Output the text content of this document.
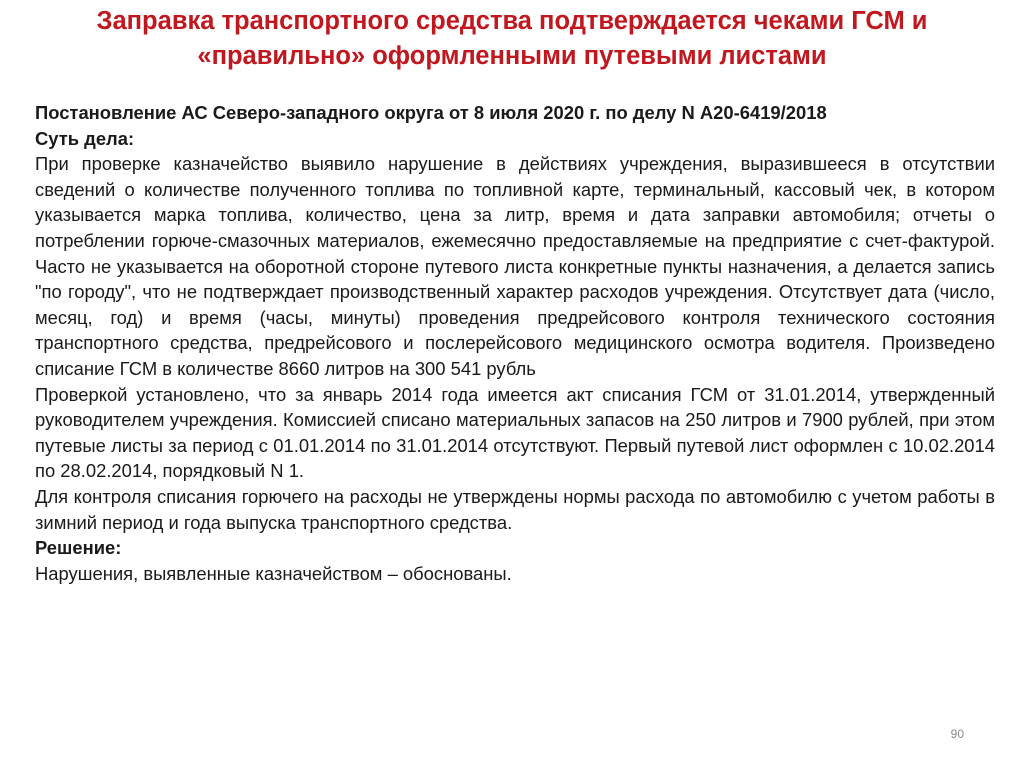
Заправка транспортного средства подтверждается чеками ГСМ и «правильно» оформленными путевыми листами

Постановление АС Северо-западного округа от 8 июля 2020 г. по делу N А20-6419/2018

Суть дела:

При проверке казначейство выявило нарушение в действиях учреждения, выразившееся в отсутствии сведений о количестве полученного топлива по топливной карте, терминальный, кассовый чек, в котором указывается марка топлива, количество, цена за литр, время и дата заправки автомобиля; отчеты о потреблении горюче-смазочных материалов, ежемесячно предоставляемые на предприятие с счет-фактурой. Часто не указывается на оборотной стороне путевого листа конкретные пункты назначения, а делается запись "по городу", что не подтверждает производственный характер расходов учреждения. Отсутствует дата (число, месяц, год) и время (часы, минуты) проведения предрейсового контроля технического состояния транспортного средства, предрейсового и послерейсового медицинского осмотра водителя. Произведено списание ГСМ в количестве 8660 литров на 300 541 рубль

Проверкой установлено, что за январь 2014 года имеется акт списания ГСМ от 31.01.2014, утвержденный руководителем учреждения. Комиссией списано материальных запасов на 250 литров и 7900 рублей, при этом путевые листы за период с 01.01.2014 по 31.01.2014 отсутствуют. Первый путевой лист оформлен с 10.02.2014 по 28.02.2014, порядковый N 1.

Для контроля списания горючего на расходы не утверждены нормы расхода по автомобилю с учетом работы в зимний период и года выпуска транспортного средства.

Решение:

Нарушения, выявленные казначейством – обоснованы.

90
